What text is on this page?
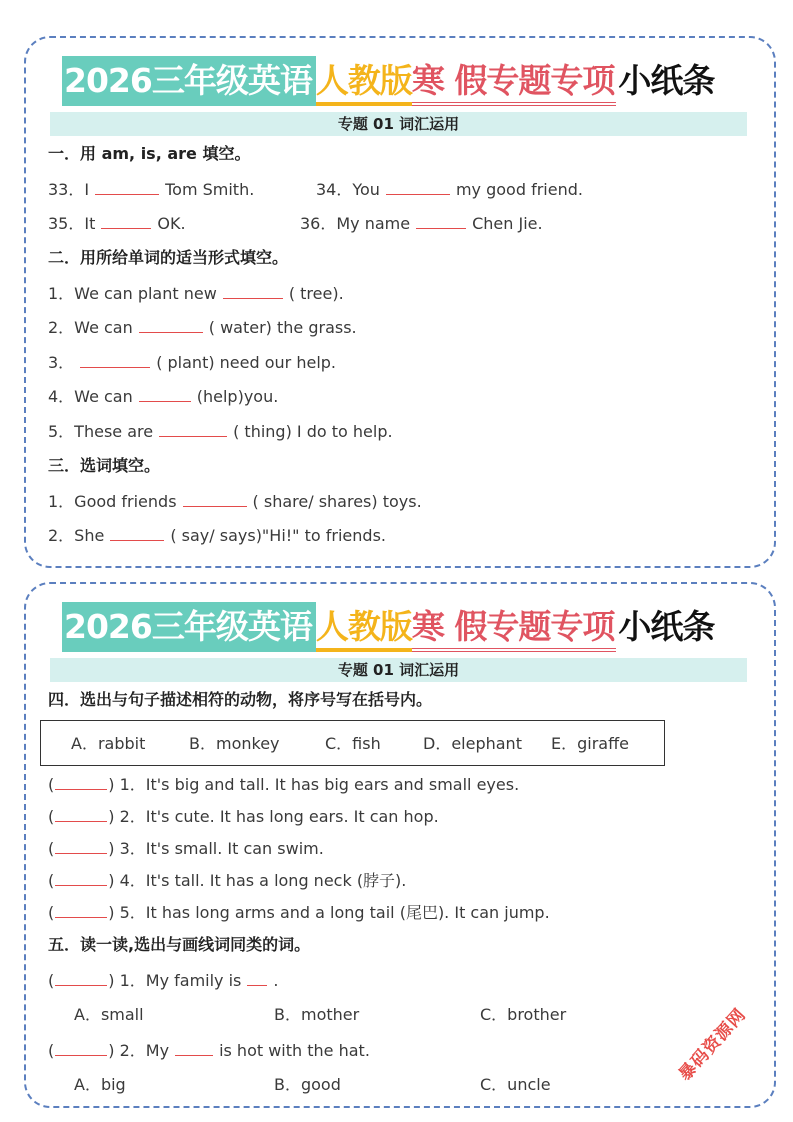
2026三年级英语 人教版 寒 假专题专项 小纸条
专题 01 词汇运用
一．用 am, is, are 填空。
33．I	Tom Smith.	34．You	my good friend.
35．It	OK.	36．My name	Chen Jie.
二．用所给单词的适当形式填空。
1．We can plant new	( tree).
2．We can	( water) the grass.
3．	( plant) need our help.
4．We can	(help)you.
5．These are	( thing) I do to help.
三．选词填空。
1．Good friends	( share/ shares) toys.
2．She	( say/ says)"Hi!" to friends.
2026三年级英语 人教版 寒 假专题专项 小纸条
专题 01 词汇运用
四．选出与句子描述相符的动物，将序号写在括号内。
A．rabbit	B．monkey	C．fish	D．elephant E．giraffe
(	) 1．It's big and tall. It has big ears and small eyes.
(	) 2．It's cute. It has long ears. It can hop.
(	) 3．It's small. It can swim.
(	) 4．It's tall. It has a long neck (脖子).
(	) 5．It has long arms and a long tail (尾巴). It can jump.
五．读一读,选出与画线词同类的词。
(	) 1．My family is .
A．small	B．mother	C．brother
(	) 2．My	is hot with the hat.
A．big	B．good	C．uncle	暴码资源网
